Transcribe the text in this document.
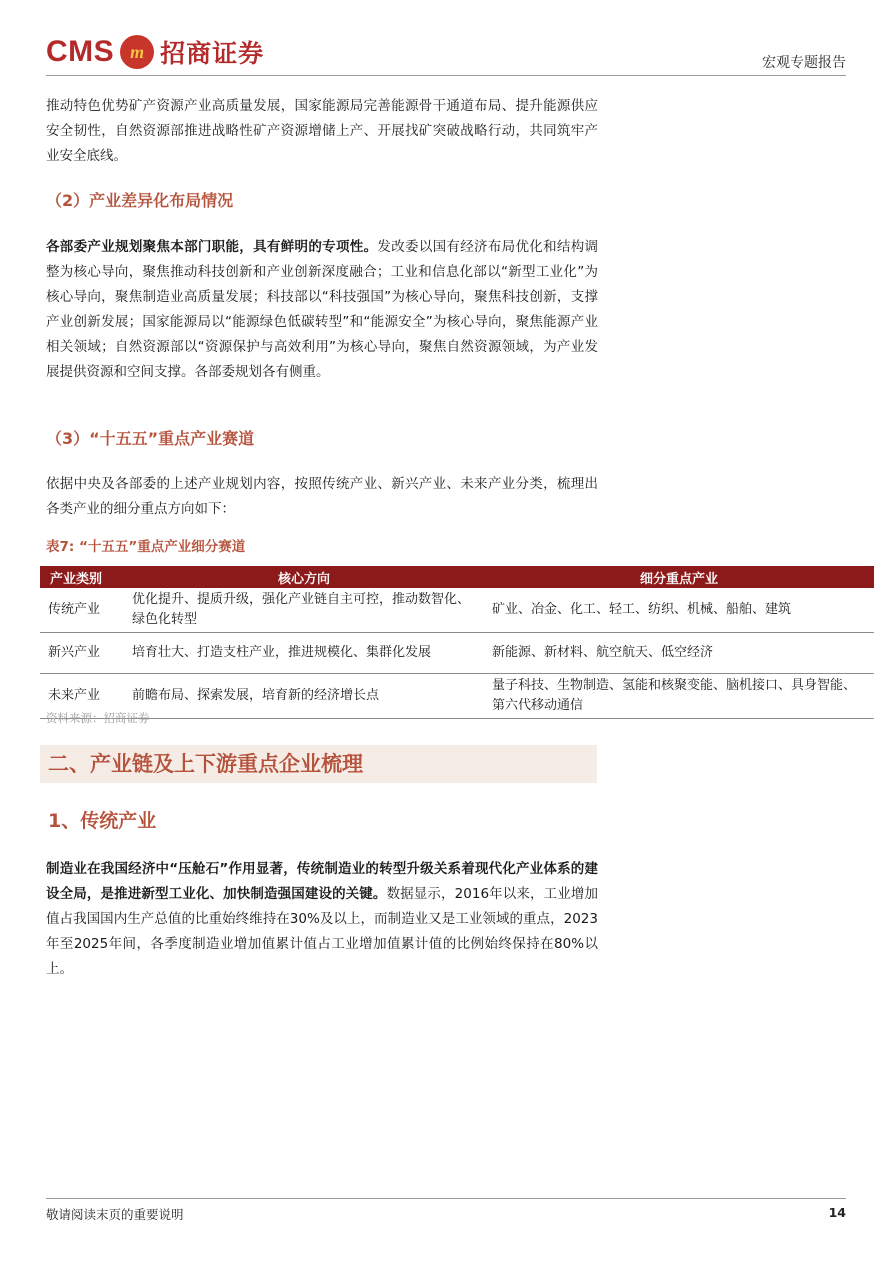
CMS m 招商证券	宏观专题报告
推动特色优势矿产资源产业高质量发展，国家能源局完善能源骨干通道布局、提升能源供应安全韧性，自然资源部推进战略性矿产资源增储上产、开展找矿突破战略行动，共同筑牢产业安全底线。
（2）产业差异化布局情况
各部委产业规划聚焦本部门职能，具有鲜明的专项性。发改委以国有经济布局优化和结构调整为核心导向，聚焦推动科技创新和产业创新深度融合；工业和信息化部以“新型工业化”为核心导向，聚焦制造业高质量发展；科技部以“科技强国”为核心导向，聚焦科技创新，支撑产业创新发展；国家能源局以“能源绿色低碳转型”和“能源安全”为核心导向，聚焦能源产业相关领域；自然资源部以“资源保护与高效利用”为核心导向，聚焦自然资源领域，为产业发展提供资源和空间支撑。各部委规划各有侧重。
（3）“十五五”重点产业赛道
依据中央及各部委的上述产业规划内容，按照传统产业、新兴产业、未来产业分类，梳理出各类产业的细分重点方向如下：
表7: “十五五”重点产业细分赛道
产业类别	核心方向	细分重点产业
传统产业	优化提升、提质升级，强化产业链自主可控，推动数智化、绿色化转型	矿业、冶金、化工、轻工、纺织、机械、船舶、建筑
新兴产业	培育壮大、打造支柱产业，推进规模化、集群化发展	新能源、新材料、航空航天、低空经济
未来产业	前瞻布局、探索发展，培育新的经济增长点	量子科技、生物制造、氢能和核聚变能、脑机接口、具身智能、第六代移动通信
资料来源：招商证券
二、产业链及上下游重点企业梳理
1、传统产业
制造业在我国经济中“压舱石”作用显著，传统制造业的转型升级关系着现代化产业体系的建设全局，是推进新型工业化、加快制造强国建设的关键。数据显示，2016年以来，工业增加值占我国国内生产总值的比重始终维持在30%及以上，而制造业又是工业领域的重点，2023年至2025年间，各季度制造业增加值累计值占工业增加值累计值的比例始终保持在80%以上。
敬请阅读末页的重要说明	14
